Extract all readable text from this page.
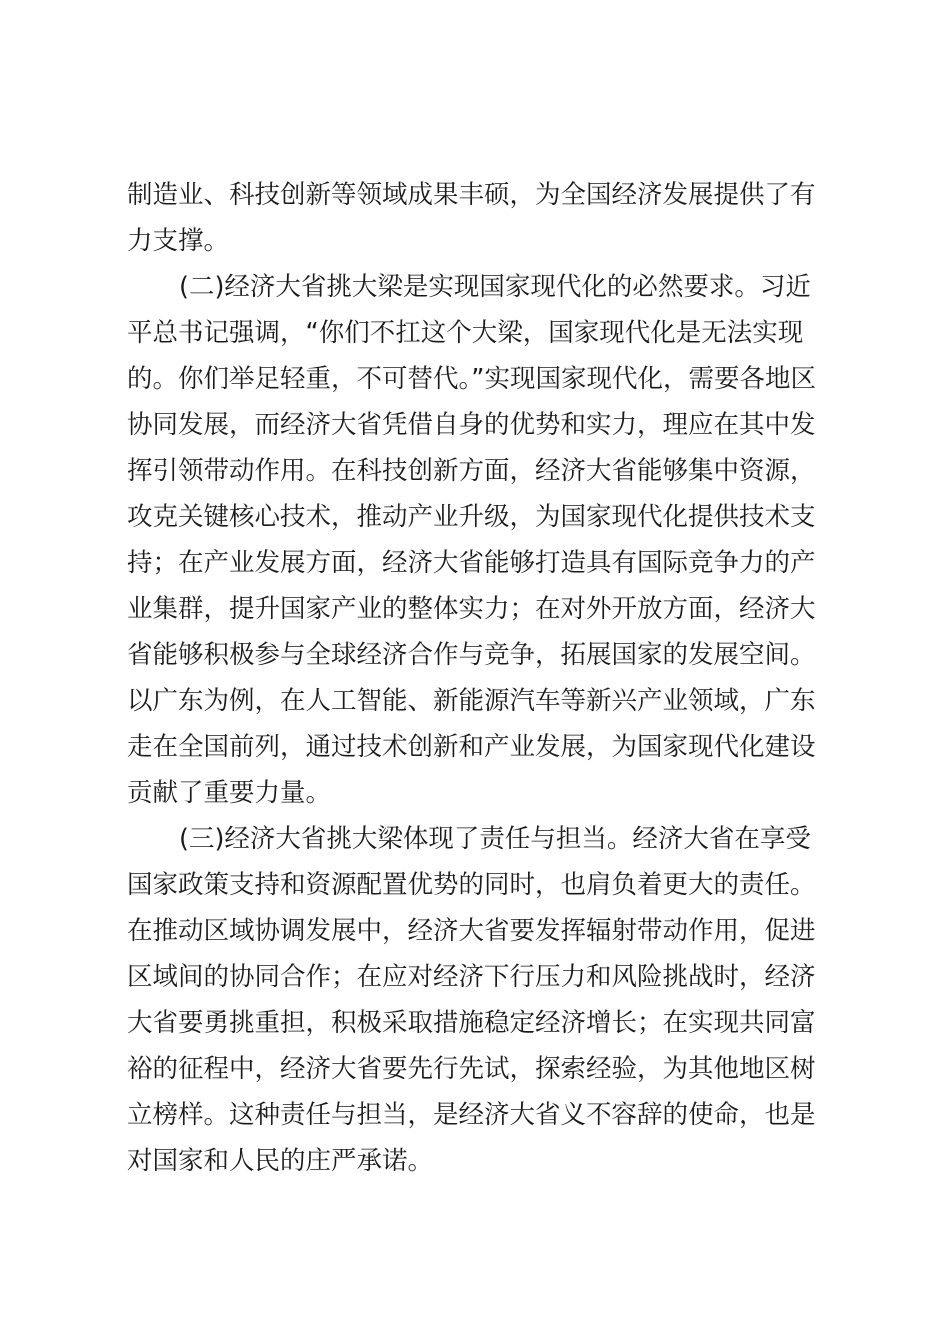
制造业、科技创新等领域成果丰硕，为全国经济发展提供了有
力支撑。
(二)经济大省挑大梁是实现国家现代化的必然要求。习近
平总书记强调，“你们不扛这个大梁，国家现代化是无法实现
的。你们举足轻重，不可替代。”实现国家现代化，需要各地区
协同发展，而经济大省凭借自身的优势和实力，理应在其中发
挥引领带动作用。在科技创新方面，经济大省能够集中资源，
攻克关键核心技术，推动产业升级，为国家现代化提供技术支
持；在产业发展方面，经济大省能够打造具有国际竞争力的产
业集群，提升国家产业的整体实力；在对外开放方面，经济大
省能够积极参与全球经济合作与竞争，拓展国家的发展空间。
以广东为例，在人工智能、新能源汽车等新兴产业领域，广东
走在全国前列，通过技术创新和产业发展，为国家现代化建设
贡献了重要力量。
(三)经济大省挑大梁体现了责任与担当。经济大省在享受
国家政策支持和资源配置优势的同时，也肩负着更大的责任。
在推动区域协调发展中，经济大省要发挥辐射带动作用，促进
区域间的协同合作；在应对经济下行压力和风险挑战时，经济
大省要勇挑重担，积极采取措施稳定经济增长；在实现共同富
裕的征程中，经济大省要先行先试，探索经验，为其他地区树
立榜样。这种责任与担当，是经济大省义不容辞的使命，也是
对国家和人民的庄严承诺。
